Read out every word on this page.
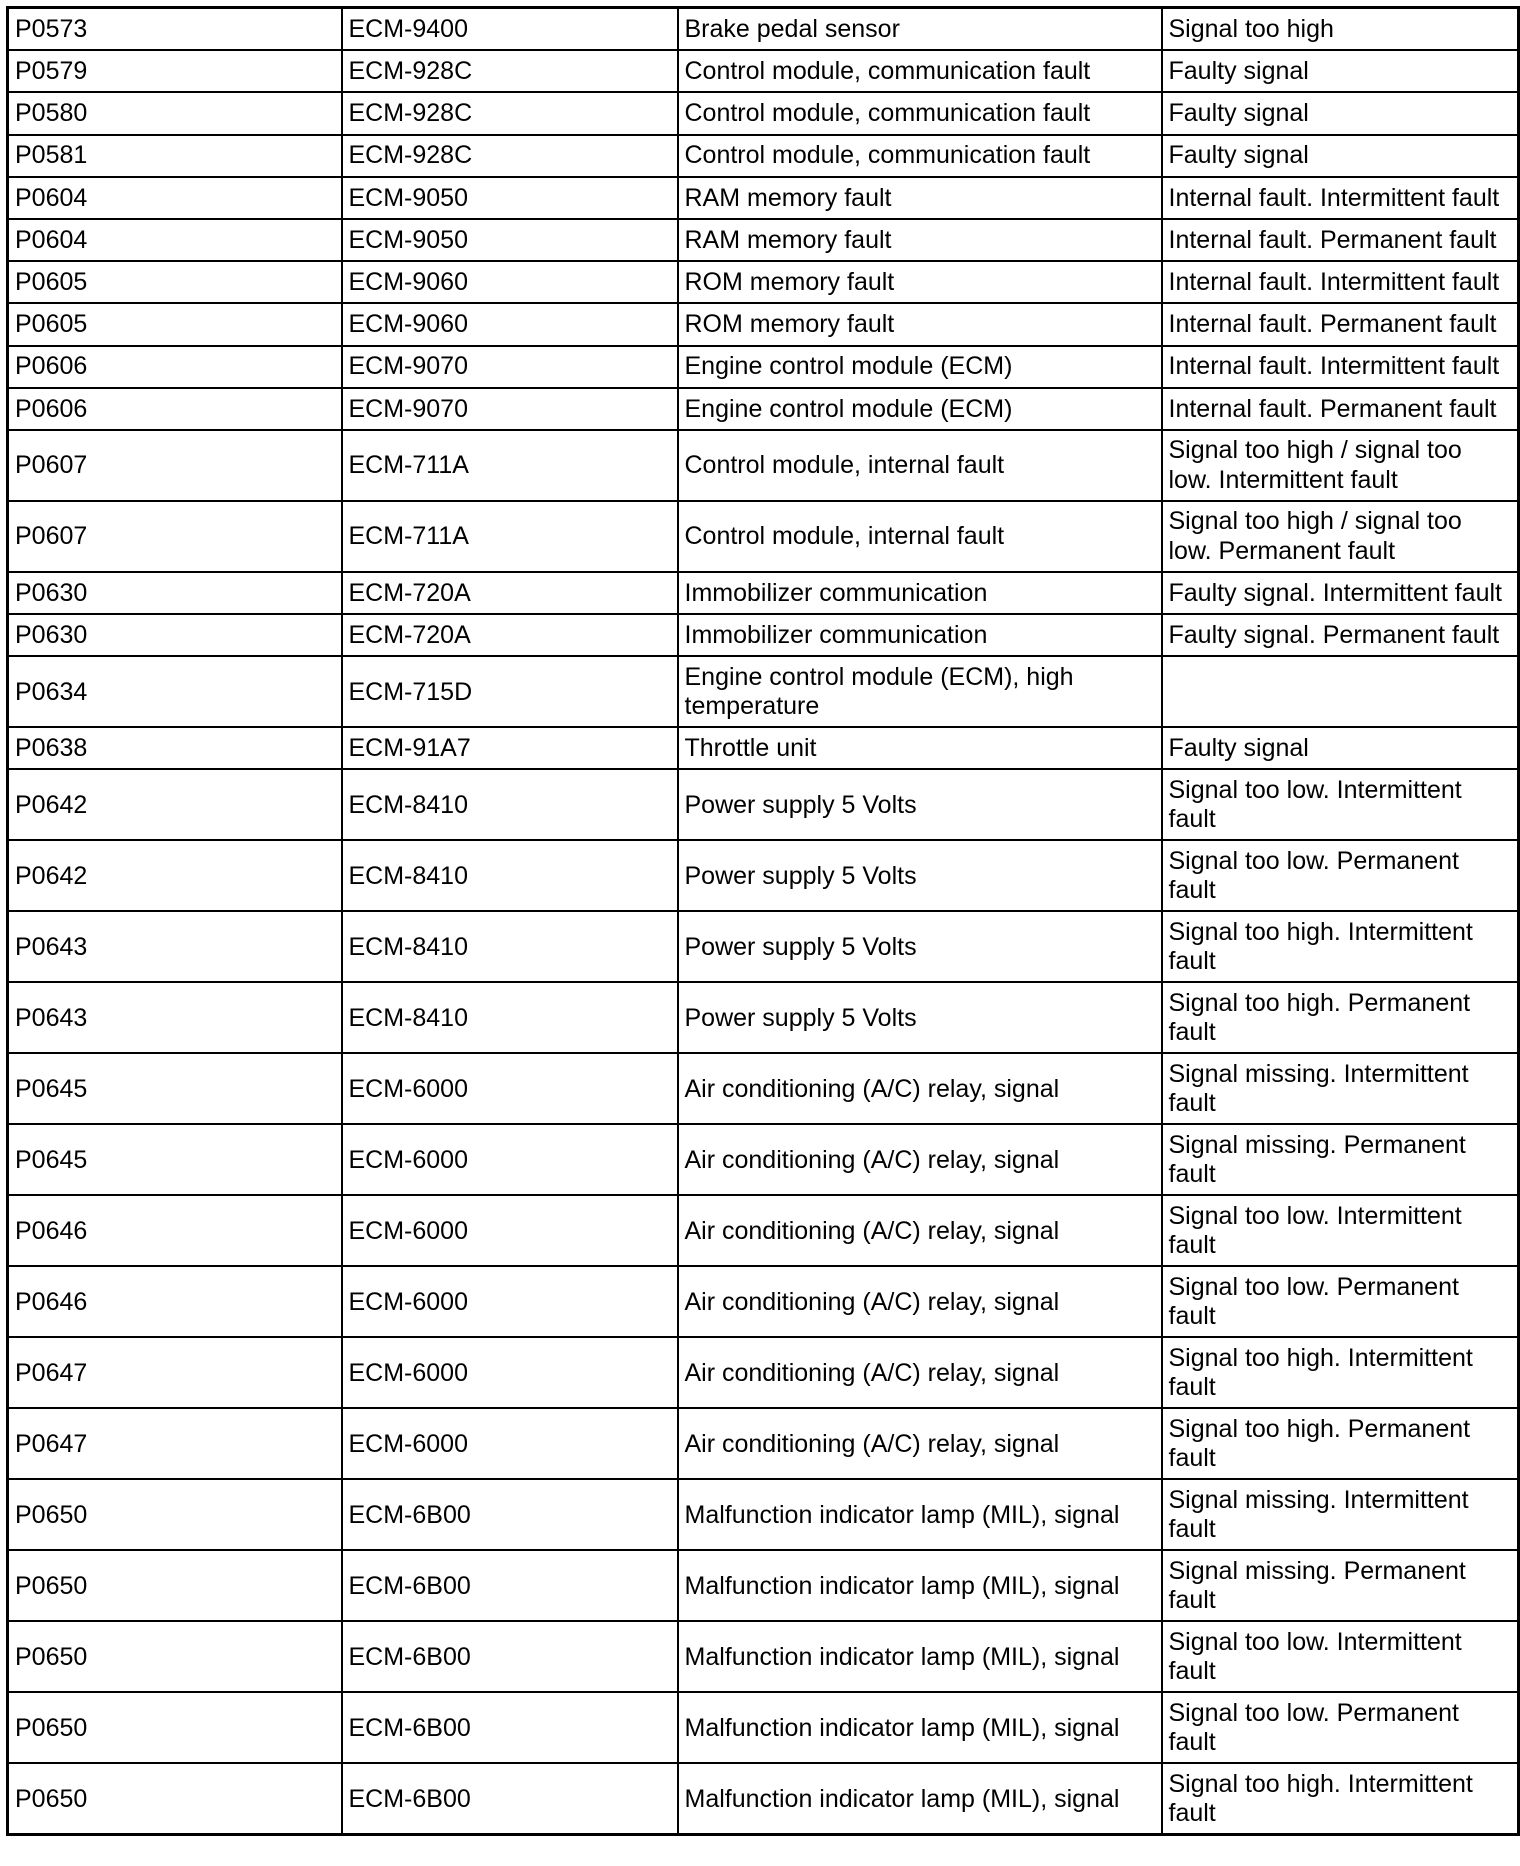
P0573	ECM-9400	Brake pedal sensor	Signal too high
P0579	ECM-928C	Control module, communication fault	Faulty signal
P0580	ECM-928C	Control module, communication fault	Faulty signal
P0581	ECM-928C	Control module, communication fault	Faulty signal
P0604	ECM-9050	RAM memory fault	Internal fault. Intermittent fault
P0604	ECM-9050	RAM memory fault	Internal fault. Permanent fault
P0605	ECM-9060	ROM memory fault	Internal fault. Intermittent fault
P0605	ECM-9060	ROM memory fault	Internal fault. Permanent fault
P0606	ECM-9070	Engine control module (ECM)	Internal fault. Intermittent fault
P0606	ECM-9070	Engine control module (ECM)	Internal fault. Permanent fault
P0607	ECM-711A	Control module, internal fault	Signal too high / signal too low. Intermittent fault
P0607	ECM-711A	Control module, internal fault	Signal too high / signal too low. Permanent fault
P0630	ECM-720A	Immobilizer communication	Faulty signal. Intermittent fault
P0630	ECM-720A	Immobilizer communication	Faulty signal. Permanent fault
P0634	ECM-715D	Engine control module (ECM), high temperature	
P0638	ECM-91A7	Throttle unit	Faulty signal
P0642	ECM-8410	Power supply 5 Volts	Signal too low. Intermittent fault
P0642	ECM-8410	Power supply 5 Volts	Signal too low. Permanent fault
P0643	ECM-8410	Power supply 5 Volts	Signal too high. Intermittent fault
P0643	ECM-8410	Power supply 5 Volts	Signal too high. Permanent fault
P0645	ECM-6000	Air conditioning (A/C) relay, signal	Signal missing. Intermittent fault
P0645	ECM-6000	Air conditioning (A/C) relay, signal	Signal missing. Permanent fault
P0646	ECM-6000	Air conditioning (A/C) relay, signal	Signal too low. Intermittent fault
P0646	ECM-6000	Air conditioning (A/C) relay, signal	Signal too low. Permanent fault
P0647	ECM-6000	Air conditioning (A/C) relay, signal	Signal too high. Intermittent fault
P0647	ECM-6000	Air conditioning (A/C) relay, signal	Signal too high. Permanent fault
P0650	ECM-6B00	Malfunction indicator lamp (MIL), signal	Signal missing. Intermittent fault
P0650	ECM-6B00	Malfunction indicator lamp (MIL), signal	Signal missing. Permanent fault
P0650	ECM-6B00	Malfunction indicator lamp (MIL), signal	Signal too low. Intermittent fault
P0650	ECM-6B00	Malfunction indicator lamp (MIL), signal	Signal too low. Permanent fault
P0650	ECM-6B00	Malfunction indicator lamp (MIL), signal	Signal too high. Intermittent fault
